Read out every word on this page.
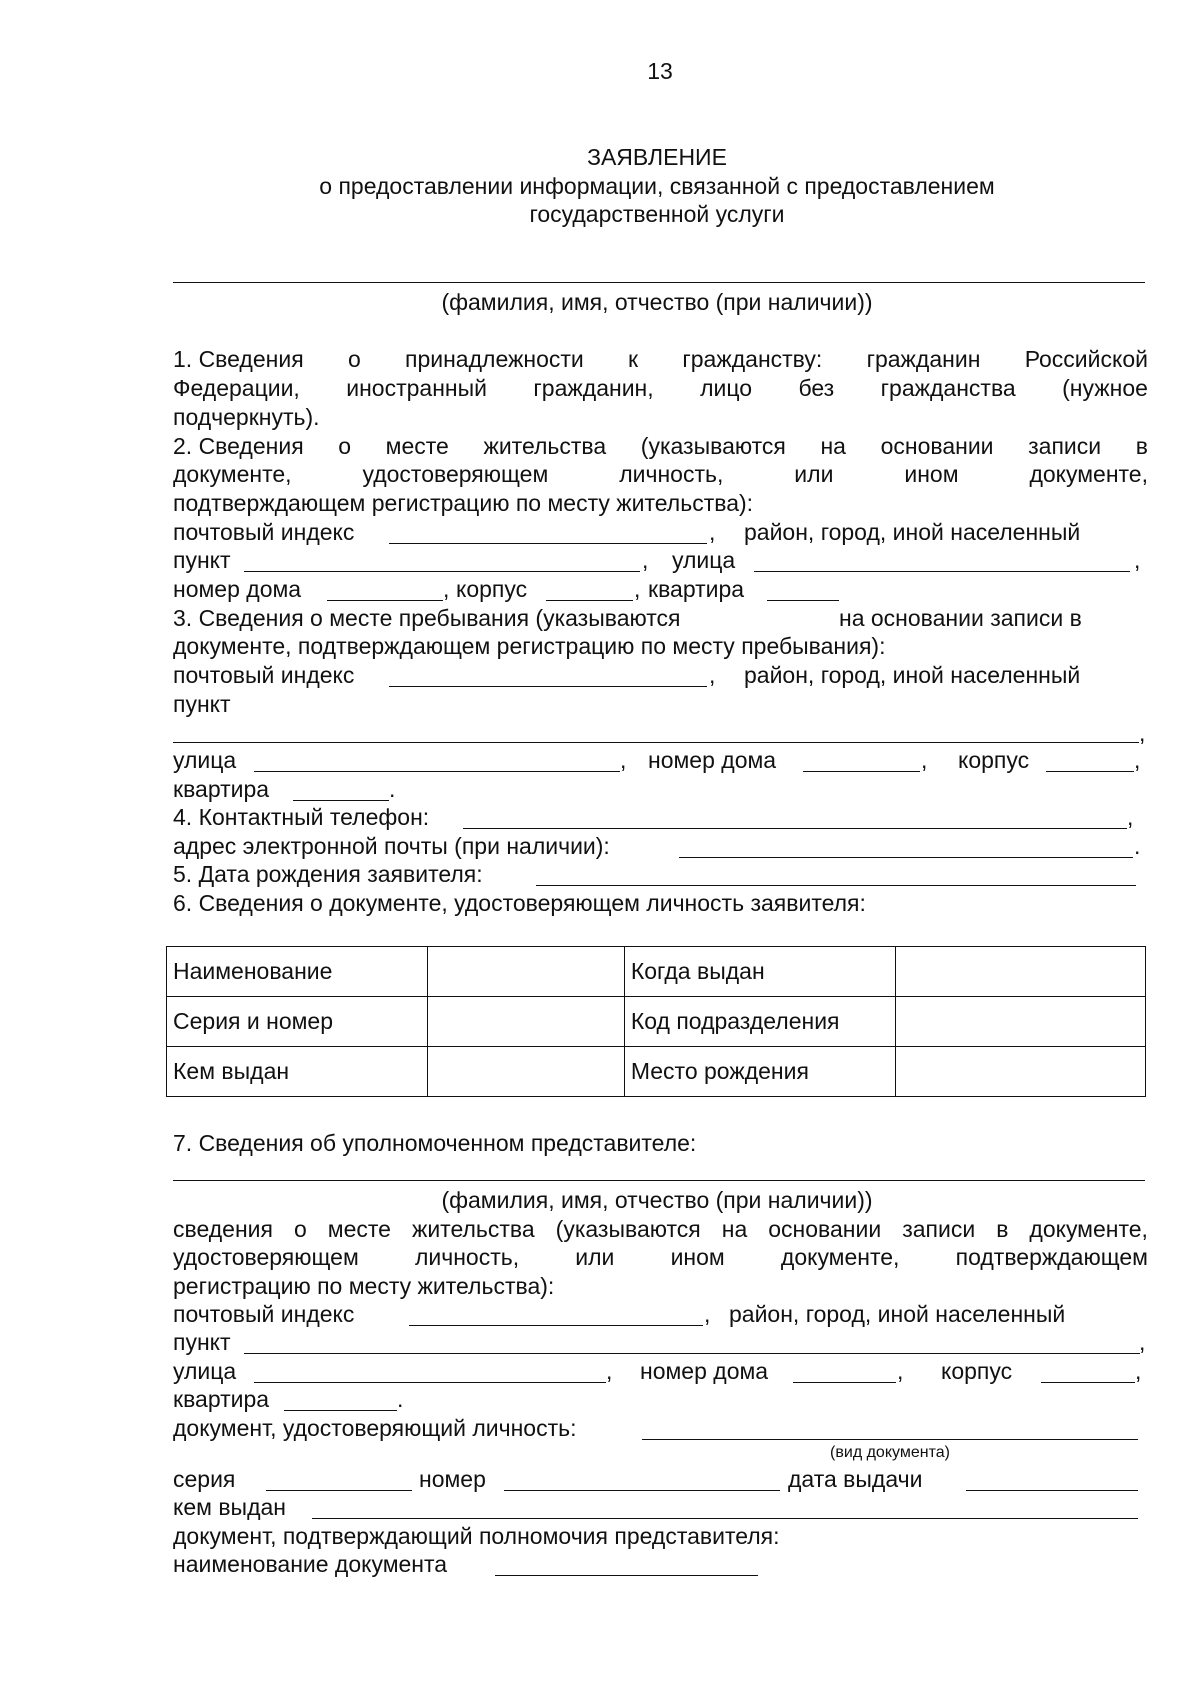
13
ЗАЯВЛЕНИЕ
о предоставлении информации, связанной с предоставлением
государственной услуги
(фамилия, имя, отчество (при наличии))
1. Сведения о принадлежности к гражданству: гражданин Российской
Федерации, иностранный гражданин, лицо без гражданства (нужное
подчеркнуть).
2. Сведения о месте жительства (указываются на основании записи в
документе,	удостоверяющем	личность,	или	ином	документе,
подтверждающем регистрацию по месту жительства):
почтовый индекс	, район, город, иной населенный
пункт	, улица	,
номер дома	, корпус	, квартира
3. Сведения о месте пребывания (указываются	на основании записи в
документе, подтверждающем регистрацию по месту пребывания):
почтовый индекс	, район, город, иной населенный
пункт
,
улица	, номер дома	, корпус	,
квартира	.
4. Контактный телефон:	,
адрес электронной почты (при наличии):	.
5. Дата рождения заявителя:
6. Сведения о документе, удостоверяющем личность заявителя:
Наименование		Когда выдан	
Серия и номер		Код подразделения	
Кем выдан		Место рождения	
7. Сведения об уполномоченном представителе:
(фамилия, имя, отчество (при наличии))
сведения о месте жительства (указываются на основании записи в документе,
удостоверяющем личность, или ином документе, подтверждающем
регистрацию по месту жительства):
почтовый индекс	, район, город, иной населенный
пункт	,
улица	, номер дома	, корпус	,
квартира	.
документ, удостоверяющий личность:
(вид документа)
серия	номер	дата выдачи
кем выдан
документ, подтверждающий полномочия представителя:
наименование документа
